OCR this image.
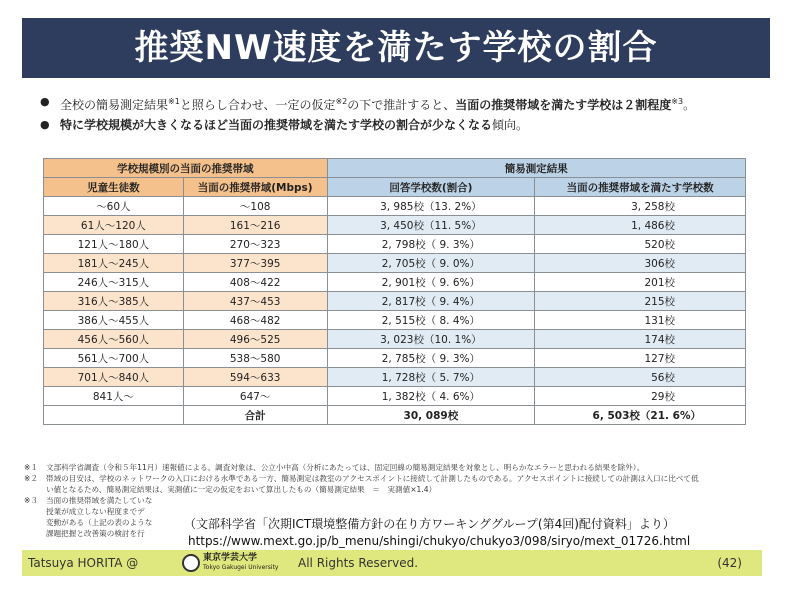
推奨NW速度を満たす学校の割合
● 全校の簡易測定結果$^{※1}$と照らし合わせ、一定の仮定$^{※2}$の下で推計すると、当面の推奨帯域を満たす学校は２割程度$^{※3}$。
● 特に学校規模が大きくなるほど当面の推奨帯域を満たす学校の割合が少なくなる傾向。
学校規模別の当面の推奨帯域		簡易測定結果	
児童生徒数	当面の推奨帯域(Mbps)	回答学校数(割合)	当面の推奨帯域を満たす学校数
～60人	～108	3, 985校（13. 2%）	3, 258校
61人～120人	161～216	3, 450校（11. 5%）	1, 486校
121人～180人	270～323	2, 798校（ 9. 3%）	520校
181人～245人	377～395	2, 705校（ 9. 0%）	306校
246人～315人	408～422	2, 901校（ 9. 6%）	201校
316人～385人	437～453	2, 817校（ 9. 4%）	215校
386人～455人	468～482	2, 515校（ 8. 4%）	131校
456人～560人	496～525	3, 023校（10. 1%）	174校
561人～700人	538～580	2, 785校（ 9. 3%）	127校
701人～840人	594～633	1, 728校（ 5. 7%）	56校
841人～	647～	1, 382校（ 4. 6%）	29校
	合計	30, 089校	6, 503校（21. 6%）
※１	文部科学省調査（令和５年11月）速報値による。調査対象は、公立小中高（分析にあたっては、固定回線の簡易測定結果を対象とし、明らかなエラーと思われる結果を除外）。
※２	帯域の目安は、学校のネットワークの入口における水準である一方、簡易測定は教室のアクセスポイントに接続して計測したものである。アクセスポイントに接続しての計測は入口に比べて低
い値となるため、簡易測定結果は、実測値に一定の仮定をおいて算出したもの（簡易測定結果　＝　実測値×1.4）
※３	当面の推奨帯域を満たしていな
授業が成立しない程度までデ
変動がある（上記の表のような
課題把握と改善策の検討を行
（文部科学省「次期ICT環境整備方針の在り方ワーキンググループ(第4回)配付資料」より）
https://www.mext.go.jp/b_menu/shingi/chukyo/chukyo3/098/siryo/mext_01726.html
Tatsuya HORITA @	東京学芸大学
Tokyo Gakugei University All Rights Reserved.	(42)
